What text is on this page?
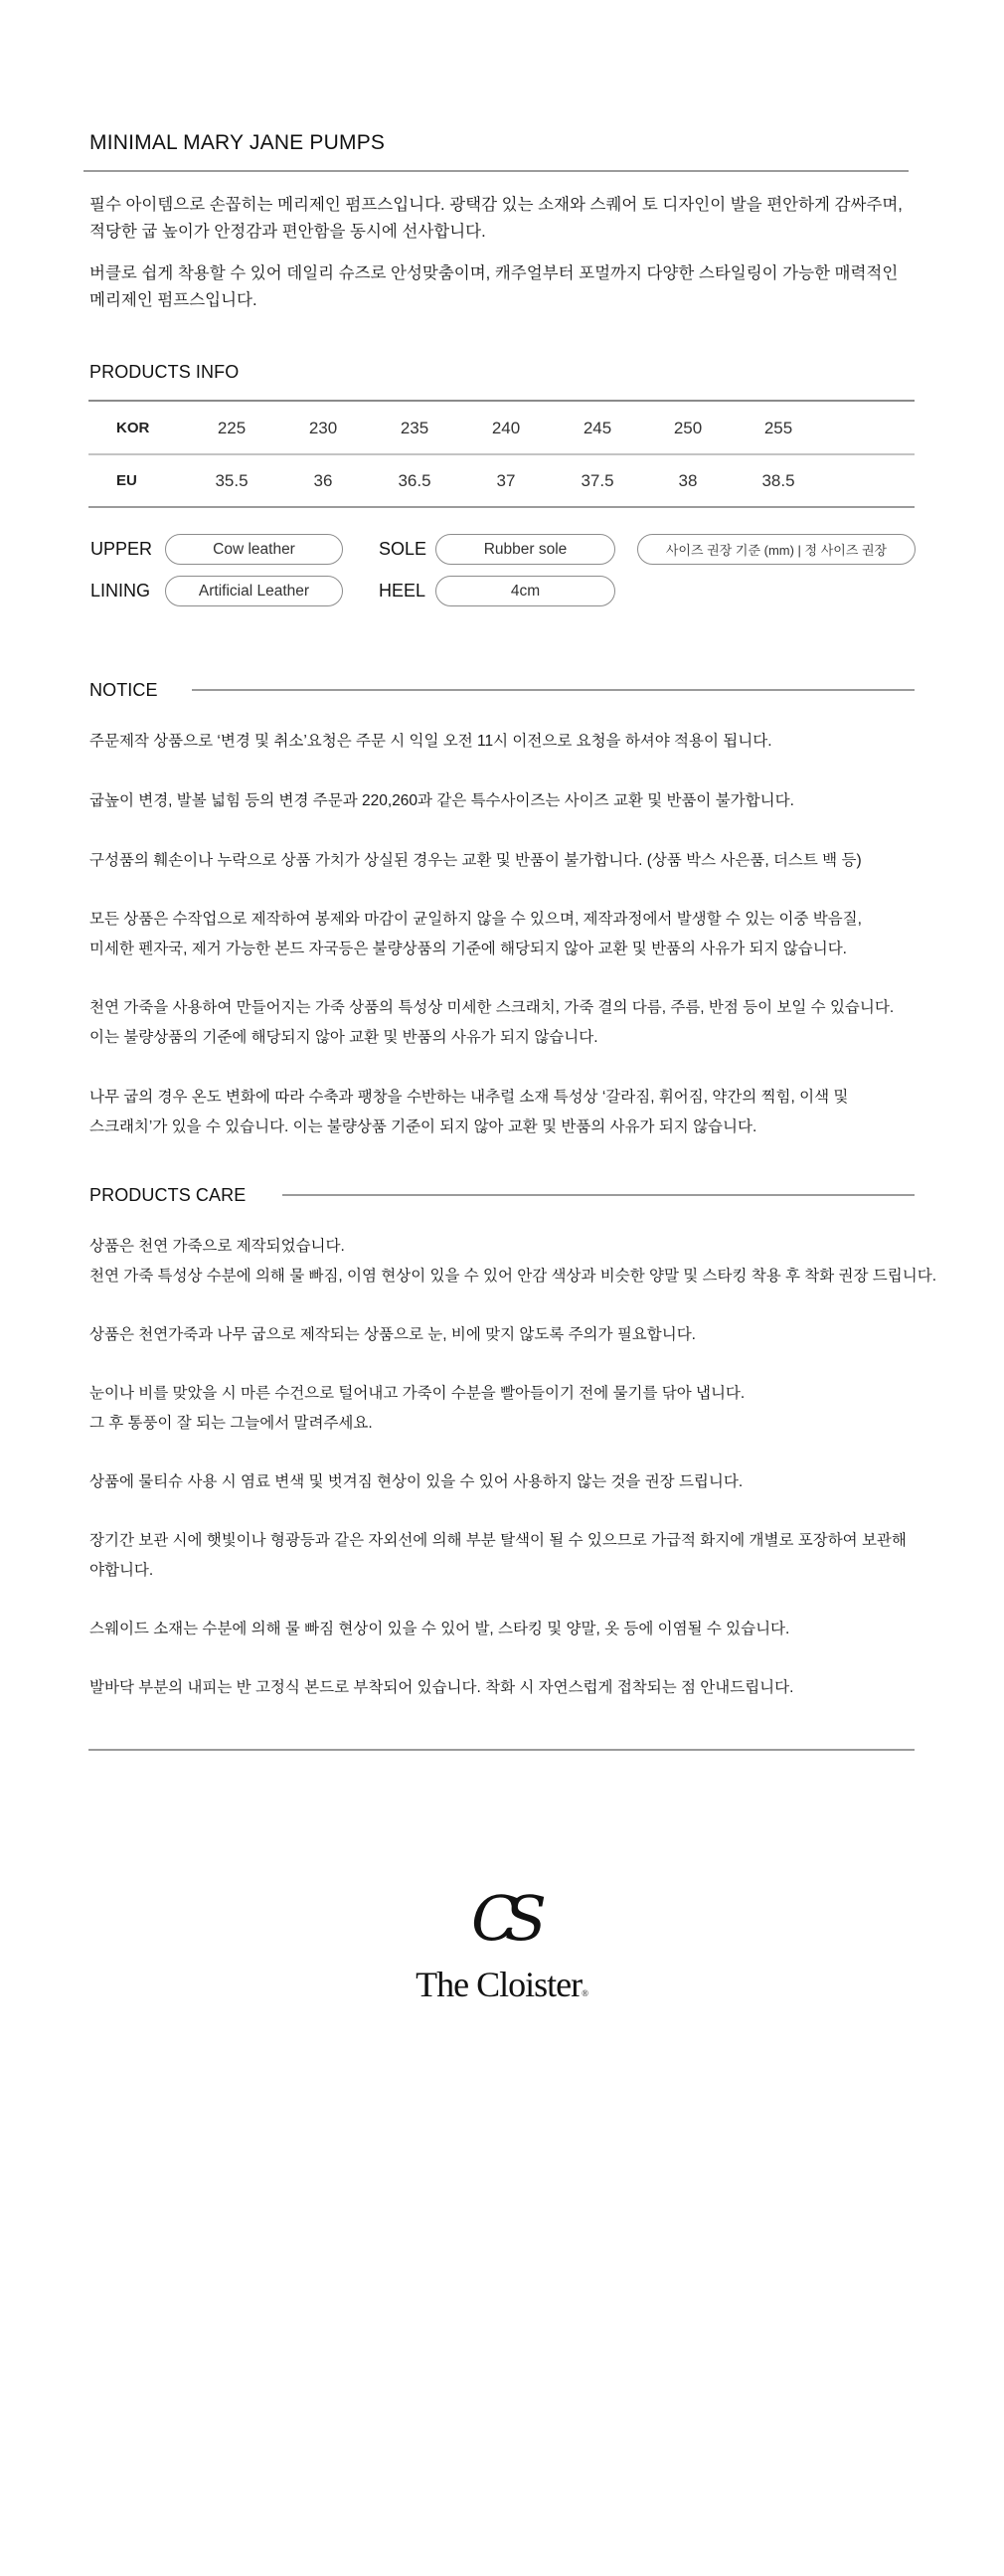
MINIMAL MARY JANE PUMPS
필수 아이템으로 손꼽히는 메리제인 펌프스입니다. 광택감 있는 소재와 스퀘어 토 디자인이 발을 편안하게 감싸주며,
적당한 굽 높이가 안정감과 편안함을 동시에 선사합니다.
버클로 쉽게 착용할 수 있어 데일리 슈즈로 안성맞춤이며, 캐주얼부터 포멀까지 다양한 스타일링이 가능한 매력적인
메리제인 펌프스입니다.
PRODUCTS INFO
KOR	225	230	235	240	245	250	255
EU	35.5	36	36.5	37	37.5	38	38.5
UPPER	Cow leather	SOLE	Rubber sole	사이즈 권장 기준 (mm) | 정 사이즈 권장
LINING	Artificial Leather	HEEL	4cm
NOTICE
주문제작 상품으로 ‘변경 및 취소’요청은 주문 시 익일 오전 11시 이전으로 요청을 하셔야 적용이 됩니다.
굽높이 변경, 발볼 넓힘 등의 변경 주문과 220,260과 같은 특수사이즈는 사이즈 교환 및 반품이 불가합니다.
구성품의 훼손이나 누락으로 상품 가치가 상실된 경우는 교환 및 반품이 불가합니다. (상품 박스 사은품, 더스트 백 등)
모든 상품은 수작업으로 제작하여 봉제와 마감이 균일하지 않을 수 있으며, 제작과정에서 발생할 수 있는 이중 박음질,
미세한 펜자국, 제거 가능한 본드 자국등은 불량상품의 기준에 해당되지 않아 교환 및 반품의 사유가 되지 않습니다.
천연 가죽을 사용하여 만들어지는 가죽 상품의 특성상 미세한 스크래치, 가죽 결의 다름, 주름, 반점 등이 보일 수 있습니다.
이는 불량상품의 기준에 해당되지 않아 교환 및 반품의 사유가 되지 않습니다.
나무 굽의 경우 온도 변화에 따라 수축과 팽창을 수반하는 내추럴 소재 특성상 ‘갈라짐, 휘어짐, 약간의 찍힘, 이색 및
스크래치’가 있을 수 있습니다. 이는 불량상품 기준이 되지 않아 교환 및 반품의 사유가 되지 않습니다.
PRODUCTS CARE
상품은 천연 가죽으로 제작되었습니다.
천연 가죽 특성상 수분에 의해 물 빠짐, 이염 현상이 있을 수 있어 안감 색상과 비슷한 양말 및 스타킹 착용 후 착화 권장 드립니다.
상품은 천연가죽과 나무 굽으로 제작되는 상품으로 눈, 비에 맞지 않도록 주의가 필요합니다.
눈이나 비를 맞았을 시 마른 수건으로 털어내고 가죽이 수분을 빨아들이기 전에 물기를 닦아 냅니다.
그 후 통풍이 잘 되는 그늘에서 말려주세요.
상품에 물티슈 사용 시 염료 변색 및 벗겨짐 현상이 있을 수 있어 사용하지 않는 것을 권장 드립니다.
장기간 보관 시에 햇빛이나 형광등과 같은 자외선에 의해 부분 탈색이 될 수 있으므로 가급적 화지에 개별로 포장하여 보관해
야합니다.
스웨이드 소재는 수분에 의해 물 빠짐 현상이 있을 수 있어 발, 스타킹 및 양말, 옷 등에 이염될 수 있습니다.
발바닥 부분의 내피는 반 고정식 본드로 부착되어 있습니다. 착화 시 자연스럽게 접착되는 점 안내드립니다.
CS
The Cloister®
